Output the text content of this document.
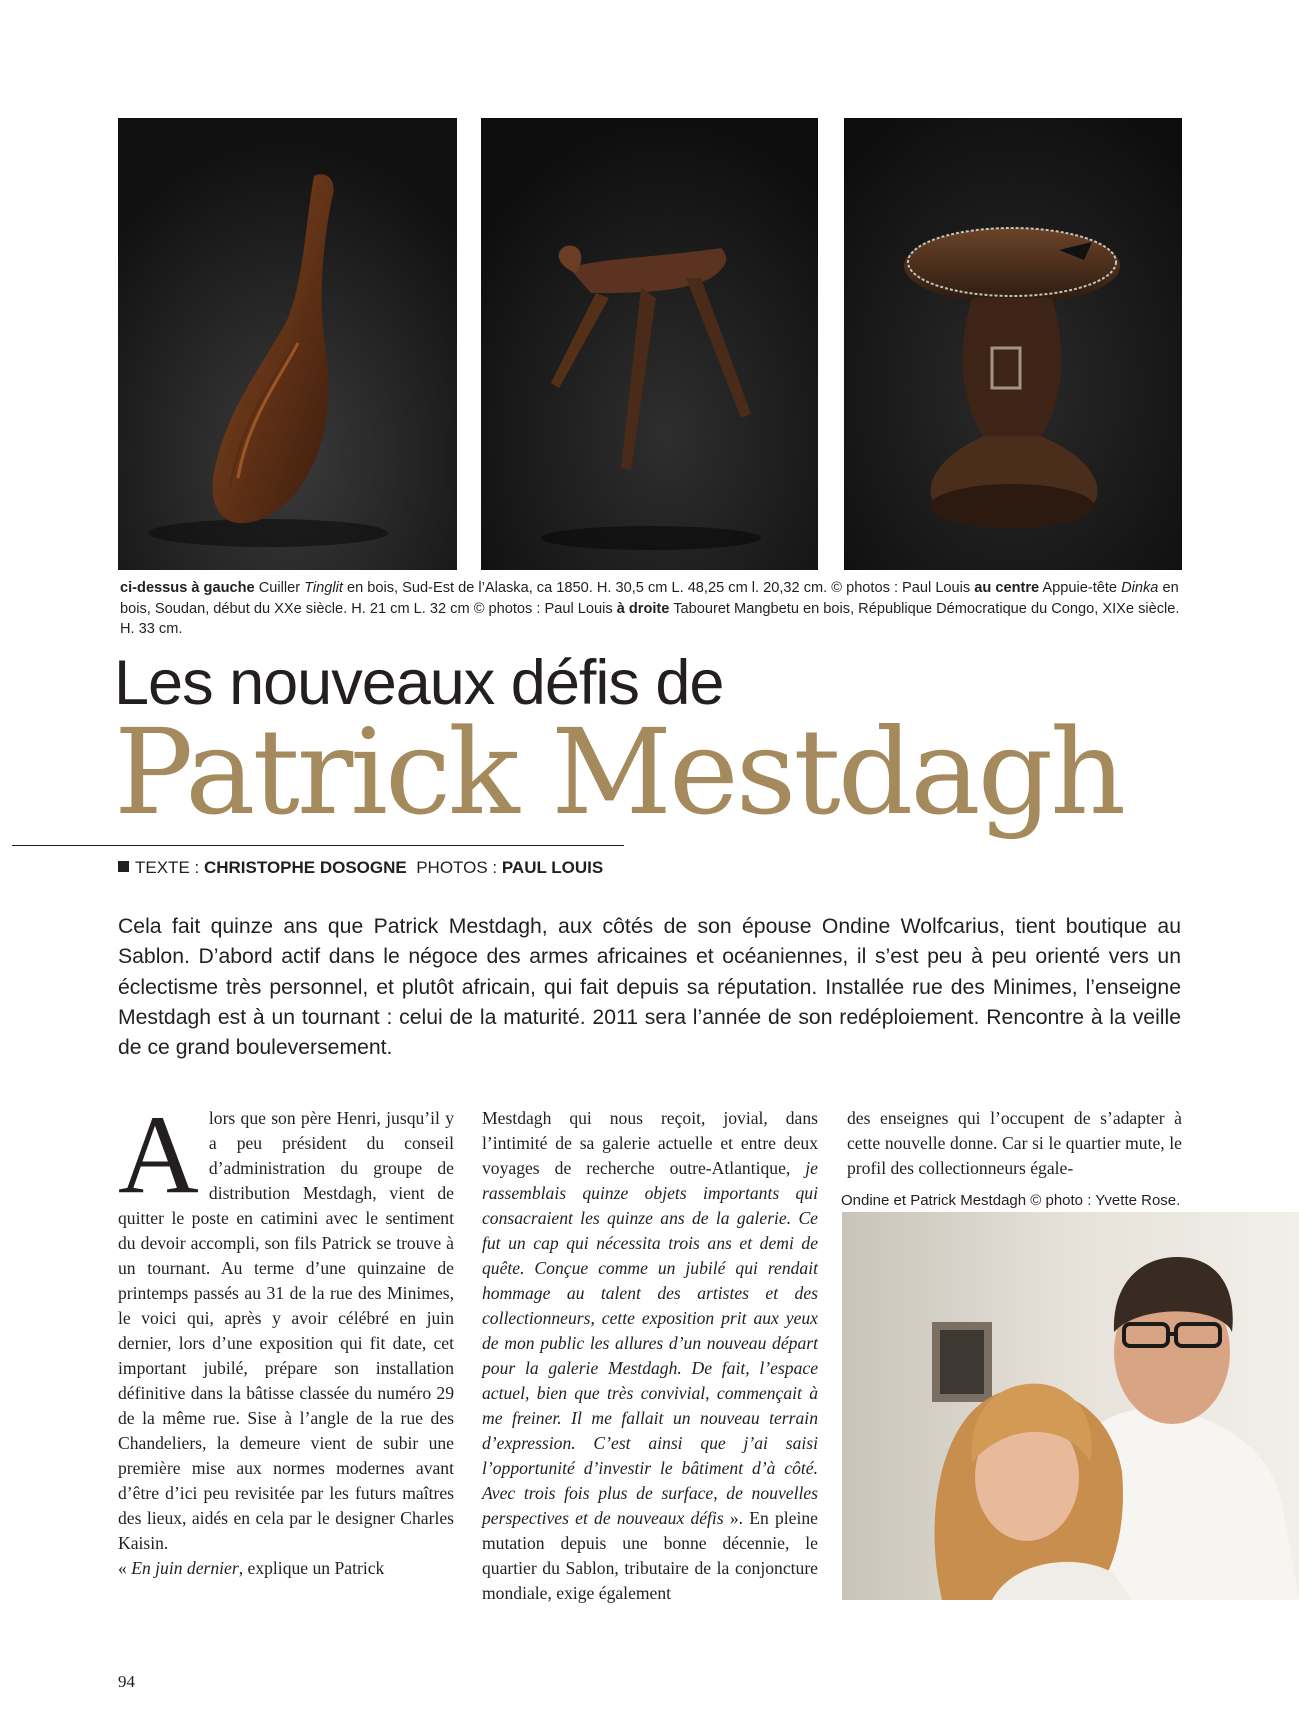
ci-dessus à gauche Cuiller Tinglit en bois, Sud-Est de l’Alaska, ca 1850. H. 30,5 cm L. 48,25 cm l. 20,32 cm. © photos : Paul Louis au centre Appuie-tête Dinka en bois, Soudan, début du XXe siècle. H. 21 cm L. 32 cm © photos : Paul Louis à droite Tabouret Mangbetu en bois, République Démocratique du Congo, XIXe siècle. H. 33 cm.
Les nouveaux défis de
Patrick Mestdagh
TEXTE : CHRISTOPHE DOSOGNE PHOTOS : PAUL LOUIS
Cela fait quinze ans que Patrick Mestdagh, aux côtés de son épouse Ondine Wolfcarius, tient boutique au Sablon. D’abord actif dans le négoce des armes africaines et océaniennes, il s’est peu à peu orienté vers un éclectisme très personnel, et plutôt africain, qui fait depuis sa réputation. Installée rue des Minimes, l’enseigne Mestdagh est à un tournant : celui de la maturité. 2011 sera l’année de son redéploiement. Rencontre à la veille de ce grand bouleversement.

Alors que son père Henri, jusqu’il y a peu président du conseil d’administration du groupe de distribution Mestdagh, vient de quitter le poste en catimini avec le sentiment du devoir accompli, son fils Patrick se trouve à un tournant. Au terme d’une quinzaine de printemps passés au 31 de la rue des Minimes, le voici qui, après y avoir célébré en juin dernier, lors d’une exposition qui fit date, cet important jubilé, prépare son installation définitive dans la bâtisse classée du numéro 29 de la même rue. Sise à l’angle de la rue des Chandeliers, la demeure vient de subir une première mise aux normes modernes avant d’être d’ici peu revisitée par les futurs maîtres des lieux, aidés en cela par le designer Charles Kaisin.
« En juin dernier, explique un Patrick

Mestdagh qui nous reçoit, jovial, dans l’intimité de sa galerie actuelle et entre deux voyages de recherche outre-Atlantique, je rassemblais quinze objets importants qui consacraient les quinze ans de la galerie. Ce fut un cap qui nécessita trois ans et demi de quête. Conçue comme un jubilé qui rendait hommage au talent des artistes et des collectionneurs, cette exposition prit aux yeux de mon public les allures d’un nouveau départ pour la galerie Mestdagh. De fait, l’espace actuel, bien que très convivial, commençait à me freiner. Il me fallait un nouveau terrain d’expression. C’est ainsi que j’ai saisi l’opportunité d’investir le bâtiment d’à côté. Avec trois fois plus de surface, de nouvelles perspectives et de nouveaux défis ». En pleine mutation depuis une bonne décennie, le quartier du Sablon, tributaire de la conjoncture mondiale, exige également

des enseignes qui l’occupent de s’adapter à cette nouvelle donne. Car si le quartier mute, le profil des collectionneurs égale-

Ondine et Patrick Mestdagh © photo : Yvette Rose.
94
